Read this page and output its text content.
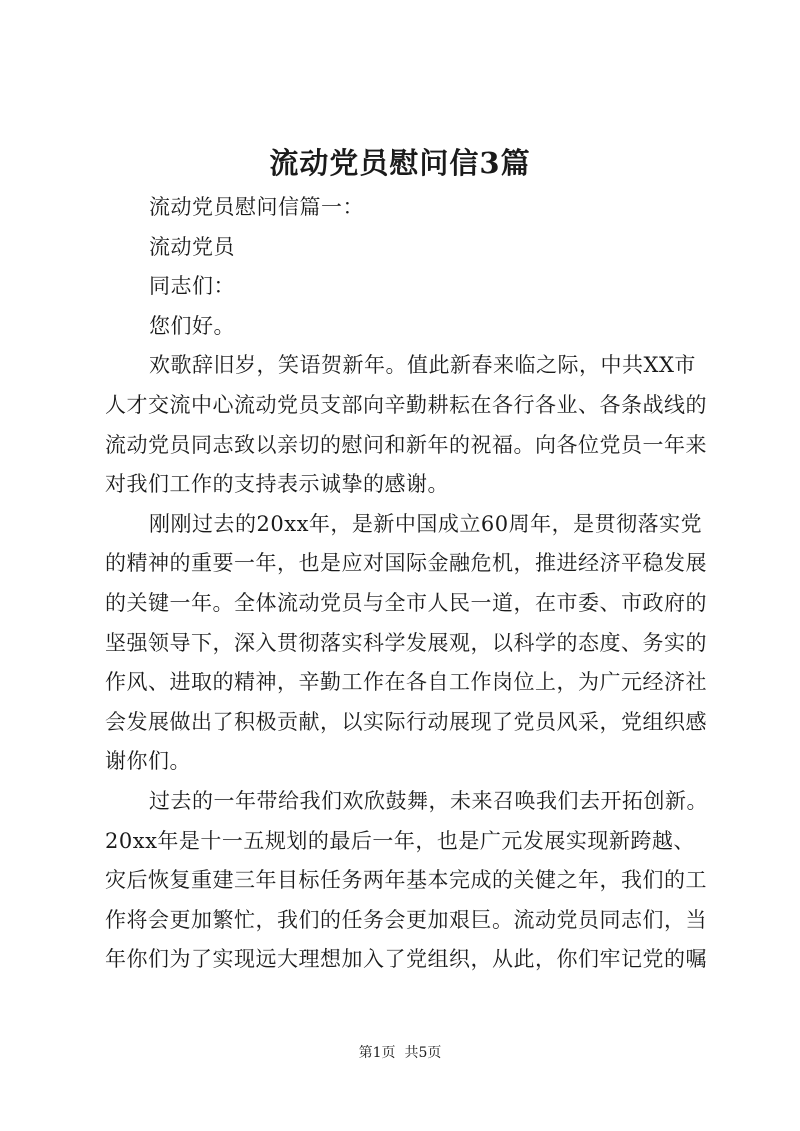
流动党员慰问信3篇
流动党员慰问信篇一：
流动党员
同志们：
您们好。
欢歌辞旧岁，笑语贺新年。值此新春来临之际，中共XX市
人才交流中心流动党员支部向辛勤耕耘在各行各业、各条战线的
流动党员同志致以亲切的慰问和新年的祝福。向各位党员一年来
对我们工作的支持表示诚挚的感谢。
刚刚过去的20xx年，是新中国成立60周年，是贯彻落实党
的精神的重要一年，也是应对国际金融危机，推进经济平稳发展
的关键一年。全体流动党员与全市人民一道，在市委、市政府的
坚强领导下，深入贯彻落实科学发展观，以科学的态度、务实的
作风、进取的精神，辛勤工作在各自工作岗位上，为广元经济社
会发展做出了积极贡献，以实际行动展现了党员风采，党组织感
谢你们。
过去的一年带给我们欢欣鼓舞，未来召唤我们去开拓创新。
20xx年是十一五规划的最后一年，也是广元发展实现新跨越、
灾后恢复重建三年目标任务两年基本完成的关健之年，我们的工
作将会更加繁忙，我们的任务会更加艰巨。流动党员同志们，当
年你们为了实现远大理想加入了党组织，从此，你们牢记党的嘱
第1页 共5页
